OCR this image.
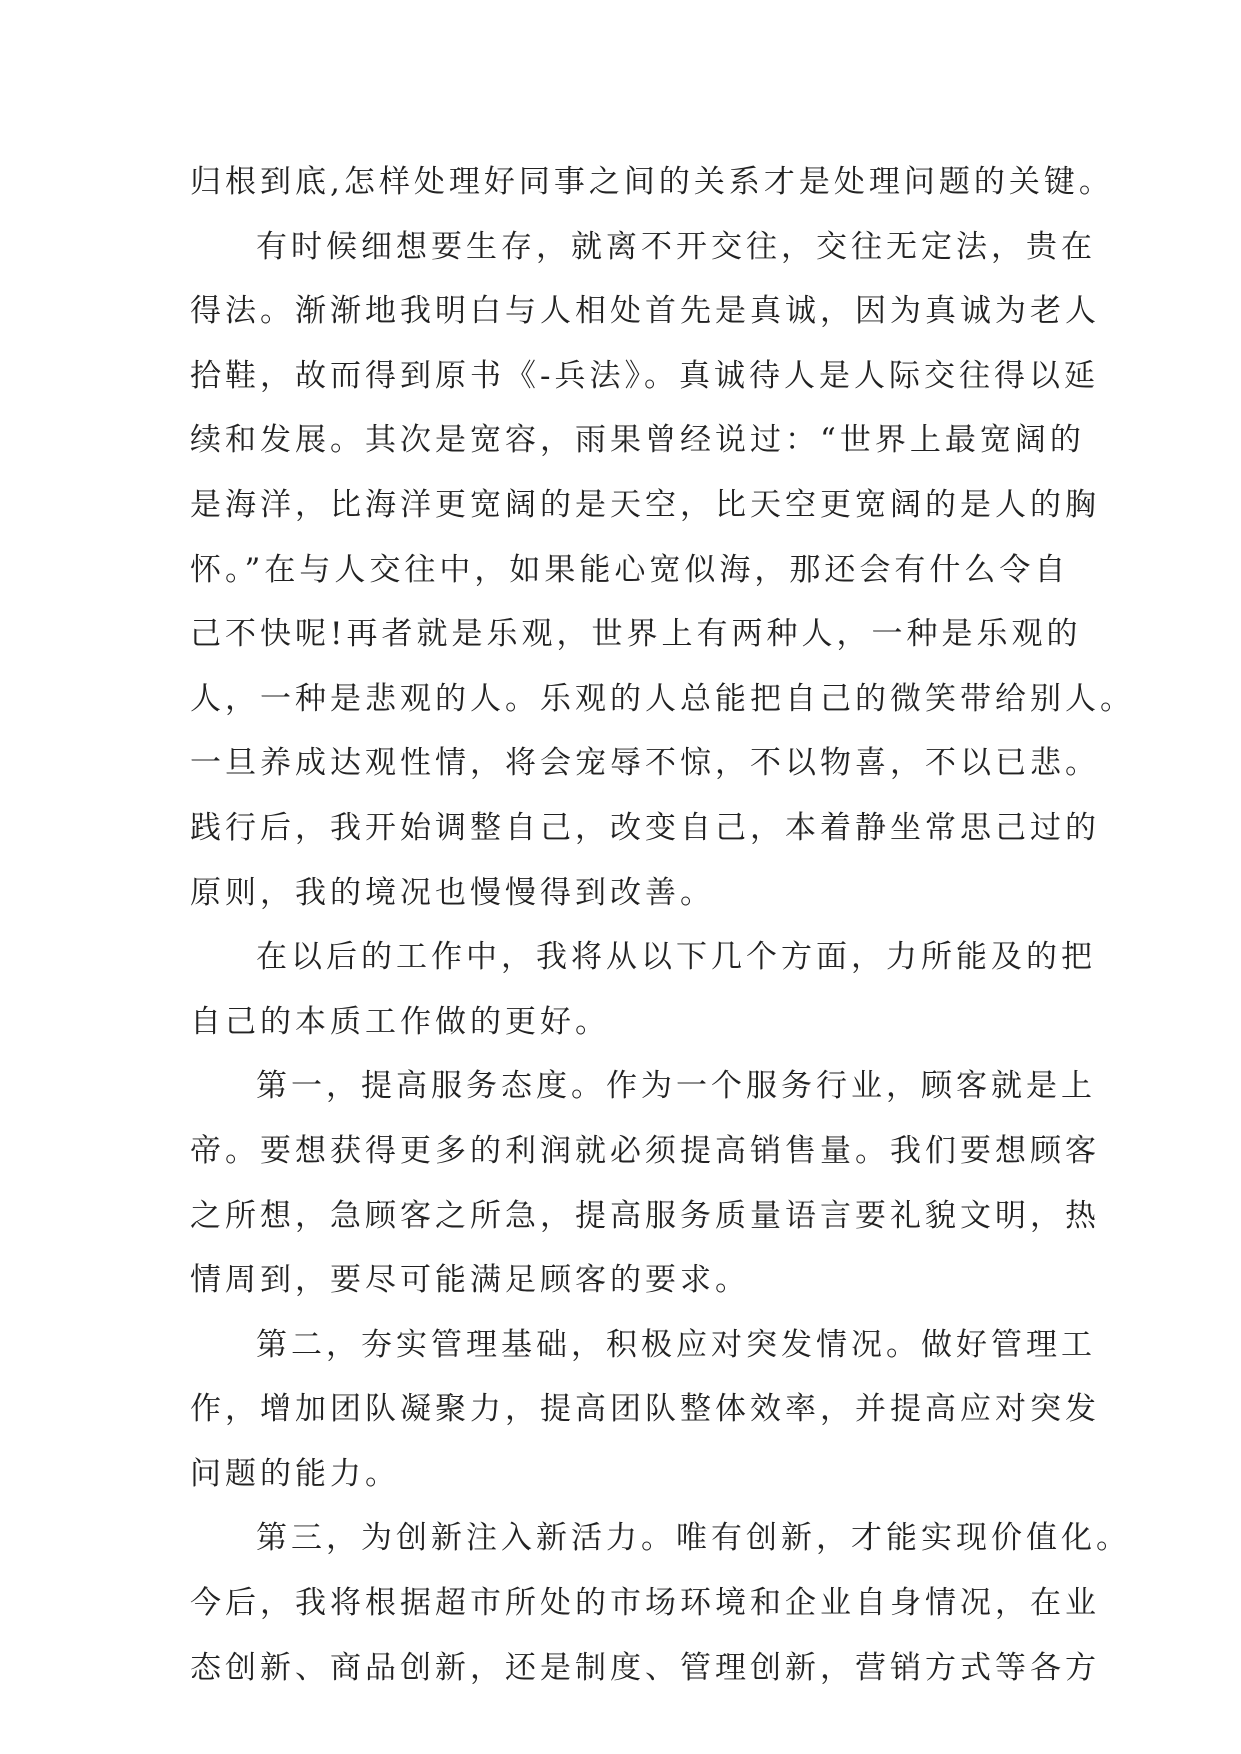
归根到底,怎样处理好同事之间的关系才是处理问题的关键。
有时候细想要生存，就离不开交往，交往无定法，贵在
得法。渐渐地我明白与人相处首先是真诚，因为真诚为老人
拾鞋，故而得到原书《-兵法》。真诚待人是人际交往得以延
续和发展。其次是宽容，雨果曾经说过：“世界上最宽阔的
是海洋，比海洋更宽阔的是天空，比天空更宽阔的是人的胸
怀。”在与人交往中，如果能心宽似海，那还会有什么令自
己不快呢!再者就是乐观，世界上有两种人，一种是乐观的
人，一种是悲观的人。乐观的人总能把自己的微笑带给别人。
一旦养成达观性情，将会宠辱不惊，不以物喜，不以已悲。
践行后，我开始调整自己，改变自己，本着静坐常思己过的
原则，我的境况也慢慢得到改善。
在以后的工作中，我将从以下几个方面，力所能及的把
自己的本质工作做的更好。
第一，提高服务态度。作为一个服务行业，顾客就是上
帝。要想获得更多的利润就必须提高销售量。我们要想顾客
之所想，急顾客之所急，提高服务质量语言要礼貌文明，热
情周到，要尽可能满足顾客的要求。
第二，夯实管理基础，积极应对突发情况。做好管理工
作，增加团队凝聚力，提高团队整体效率，并提高应对突发
问题的能力。
第三，为创新注入新活力。唯有创新，才能实现价值化。
今后，我将根据超市所处的市场环境和企业自身情况，在业
态创新、商品创新，还是制度、管理创新，营销方式等各方
